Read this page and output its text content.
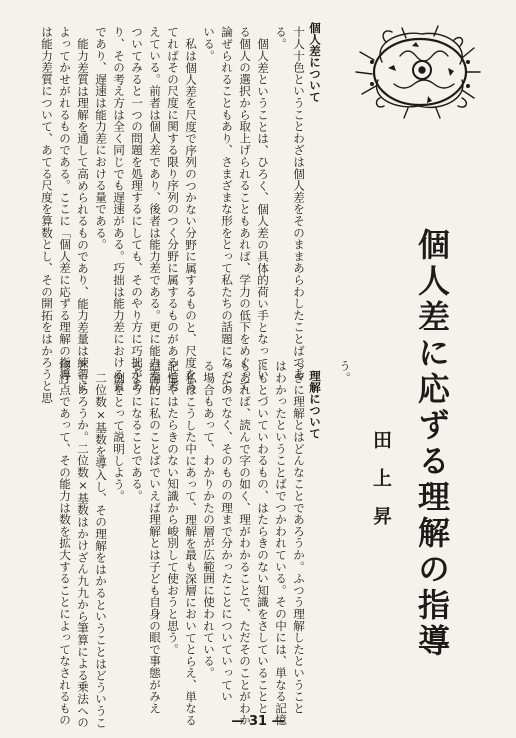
個人差に応ずる理解の指導
田　上　昇
個人差について
十人十色ということわざは個人差をそのままあらわしたことばであ
る。
個人差ということは、ひろく、個人差の具体的荷い手となってい
る個人の選択から取上げられることもあれば、学力の低下をめぐって
論ぜられることもあり、さまざまな形をとって私たちの話題になって
いる。
私は個人差を尺度で序列のつかない分野に属するものと、尺度をあ
てればその尺度に関する限り序列のつく分野に属するものがあると考
えている。前者は個人差であり、後者は能力差である。更に能力差に
ついてみると一つの問題を処理するにしても、そのやり方に巧拙があ
り、その考え方は全く同じでも遅速がある。巧拙は能力差における質
であり、遅速は能力差における量である。
能力差質は理解を通して高められるものであり、能力差量は練習に
よってかせがれるものである。ここに「個人差に応ずる理解の指導」
は能力差質について、あてる尺度を算数とし、その開拓をはかろうと思	う。
理解について
つぎに理解とはどんなことであろうか。ふつう理解したということ
はわかったということばでつかわれている。その中には、単なる記憶
にもとづいていわるもの、はたらきのない知識をさしていることと
もあれば、読んで字の如く、理がわかることで、ただそのことがわか
ったのでなく、そのものの理まで分かったことについていってい
る場合もあって、わかりかたの層が広範囲に使われている。
私はこうした中にあって、理解を最も深層においてとらえ、単なる
記憶やはたらきのない知識から峻別して使おうと思う。
結論的に私のことばでいえば理解とは子ども自身の眼で事態がみえ
るようになることである。
例をとって説明しよう。
二位数×基数を導入し、その理解をはかるということはどういうこ
とであろうか。二位数×基数はかけざん九九から筆算による乗法への
移行点であって、その能力は数を拡大することによってなされるもの	— 31 —
